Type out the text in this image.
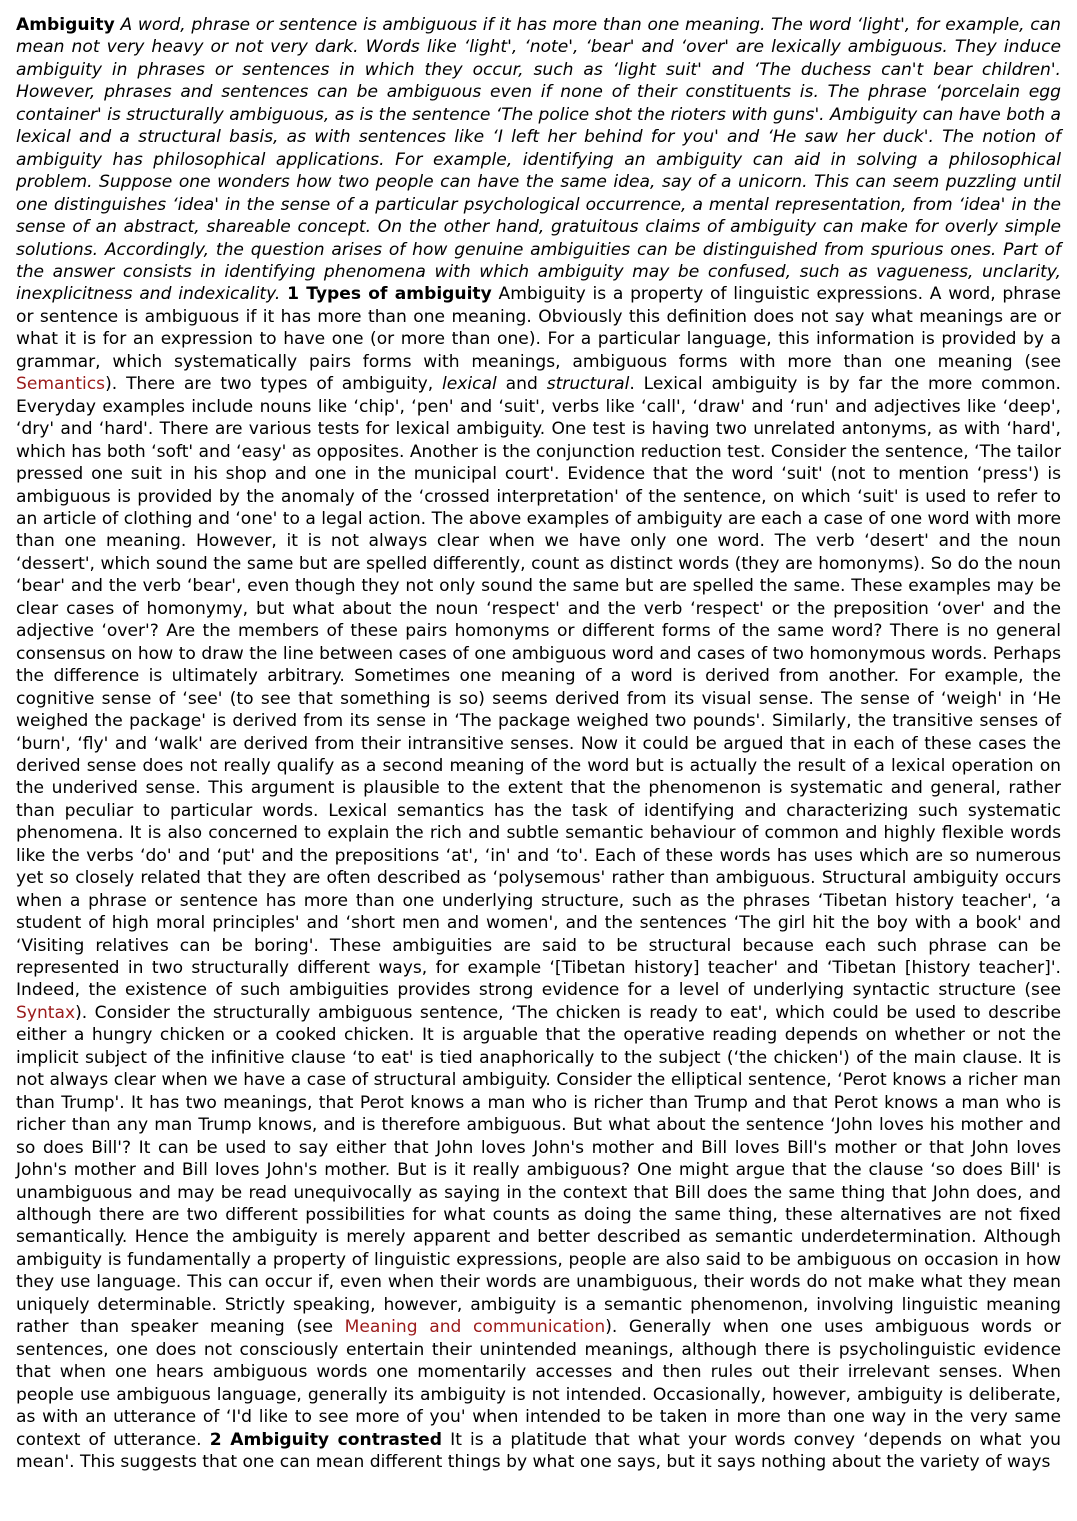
Ambiguity A word, phrase or sentence is ambiguous if it has more than one meaning. The word ‘light', for example, can mean not very heavy or not very dark. Words like ‘light', ‘note', ‘bear' and ‘over' are lexically ambiguous. They induce ambiguity in phrases or sentences in which they occur, such as ‘light suit' and ‘The duchess can't bear children'. However, phrases and sentences can be ambiguous even if none of their constituents is. The phrase ‘porcelain egg container' is structurally ambiguous, as is the sentence ‘The police shot the rioters with guns'. Ambiguity can have both a lexical and a structural basis, as with sentences like ‘I left her behind for you' and ‘He saw her duck'. The notion of ambiguity has philosophical applications. For example, identifying an ambiguity can aid in solving a philosophical problem. Suppose one wonders how two people can have the same idea, say of a unicorn. This can seem puzzling until one distinguishes ‘idea' in the sense of a particular psychological occurrence, a mental representation, from ‘idea' in the sense of an abstract, shareable concept. On the other hand, gratuitous claims of ambiguity can make for overly simple solutions. Accordingly, the question arises of how genuine ambiguities can be distinguished from spurious ones. Part of the answer consists in identifying phenomena with which ambiguity may be confused, such as vagueness, unclarity, inexplicitness and indexicality. 1 Types of ambiguity Ambiguity is a property of linguistic expressions. A word, phrase or sentence is ambiguous if it has more than one meaning. Obviously this definition does not say what meanings are or what it is for an expression to have one (or more than one). For a particular language, this information is provided by a grammar, which systematically pairs forms with meanings, ambiguous forms with more than one meaning (see Semantics). There are two types of ambiguity, lexical and structural. Lexical ambiguity is by far the more common. Everyday examples include nouns like ‘chip', ‘pen' and ‘suit', verbs like ‘call', ‘draw' and ‘run' and adjectives like ‘deep', ‘dry' and ‘hard'. There are various tests for lexical ambiguity. One test is having two unrelated antonyms, as with ‘hard', which has both ‘soft' and ‘easy' as opposites. Another is the conjunction reduction test. Consider the sentence, ‘The tailor pressed one suit in his shop and one in the municipal court'. Evidence that the word ‘suit' (not to mention ‘press') is ambiguous is provided by the anomaly of the ‘crossed interpretation' of the sentence, on which ‘suit' is used to refer to an article of clothing and ‘one' to a legal action. The above examples of ambiguity are each a case of one word with more than one meaning. However, it is not always clear when we have only one word. The verb ‘desert' and the noun ‘dessert', which sound the same but are spelled differently, count as distinct words (they are homonyms). So do the noun ‘bear' and the verb ‘bear', even though they not only sound the same but are spelled the same. These examples may be clear cases of homonymy, but what about the noun ‘respect' and the verb ‘respect' or the preposition ‘over' and the adjective ‘over'? Are the members of these pairs homonyms or different forms of the same word? There is no general consensus on how to draw the line between cases of one ambiguous word and cases of two homonymous words. Perhaps the difference is ultimately arbitrary. Sometimes one meaning of a word is derived from another. For example, the cognitive sense of ‘see' (to see that something is so) seems derived from its visual sense. The sense of ‘weigh' in ‘He weighed the package' is derived from its sense in ‘The package weighed two pounds'. Similarly, the transitive senses of ‘burn', ‘fly' and ‘walk' are derived from their intransitive senses. Now it could be argued that in each of these cases the derived sense does not really qualify as a second meaning of the word but is actually the result of a lexical operation on the underived sense. This argument is plausible to the extent that the phenomenon is systematic and general, rather than peculiar to particular words. Lexical semantics has the task of identifying and characterizing such systematic phenomena. It is also concerned to explain the rich and subtle semantic behaviour of common and highly flexible words like the verbs ‘do' and ‘put' and the prepositions ‘at', ‘in' and ‘to'. Each of these words has uses which are so numerous yet so closely related that they are often described as ‘polysemous' rather than ambiguous. Structural ambiguity occurs when a phrase or sentence has more than one underlying structure, such as the phrases ‘Tibetan history teacher', ‘a student of high moral principles' and ‘short men and women', and the sentences ‘The girl hit the boy with a book' and ‘Visiting relatives can be boring'. These ambiguities are said to be structural because each such phrase can be represented in two structurally different ways, for example ‘[Tibetan history] teacher' and ‘Tibetan [history teacher]'. Indeed, the existence of such ambiguities provides strong evidence for a level of underlying syntactic structure (see Syntax). Consider the structurally ambiguous sentence, ‘The chicken is ready to eat', which could be used to describe either a hungry chicken or a cooked chicken. It is arguable that the operative reading depends on whether or not the implicit subject of the infinitive clause ‘to eat' is tied anaphorically to the subject (‘the chicken') of the main clause. It is not always clear when we have a case of structural ambiguity. Consider the elliptical sentence, ‘Perot knows a richer man than Trump'. It has two meanings, that Perot knows a man who is richer than Trump and that Perot knows a man who is richer than any man Trump knows, and is therefore ambiguous. But what about the sentence ‘John loves his mother and so does Bill'? It can be used to say either that John loves John's mother and Bill loves Bill's mother or that John loves John's mother and Bill loves John's mother. But is it really ambiguous? One might argue that the clause ‘so does Bill' is unambiguous and may be read unequivocally as saying in the context that Bill does the same thing that John does, and although there are two different possibilities for what counts as doing the same thing, these alternatives are not fixed semantically. Hence the ambiguity is merely apparent and better described as semantic underdetermination. Although ambiguity is fundamentally a property of linguistic expressions, people are also said to be ambiguous on occasion in how they use language. This can occur if, even when their words are unambiguous, their words do not make what they mean uniquely determinable. Strictly speaking, however, ambiguity is a semantic phenomenon, involving linguistic meaning rather than speaker meaning (see Meaning and communication). Generally when one uses ambiguous words or sentences, one does not consciously entertain their unintended meanings, although there is psycholinguistic evidence that when one hears ambiguous words one momentarily accesses and then rules out their irrelevant senses. When people use ambiguous language, generally its ambiguity is not intended. Occasionally, however, ambiguity is deliberate, as with an utterance of ‘I'd like to see more of you' when intended to be taken in more than one way in the very same context of utterance. 2 Ambiguity contrasted It is a platitude that what your words convey ‘depends on what you mean'. This suggests that one can mean different things by what one says, but it says nothing about the variety of ways
